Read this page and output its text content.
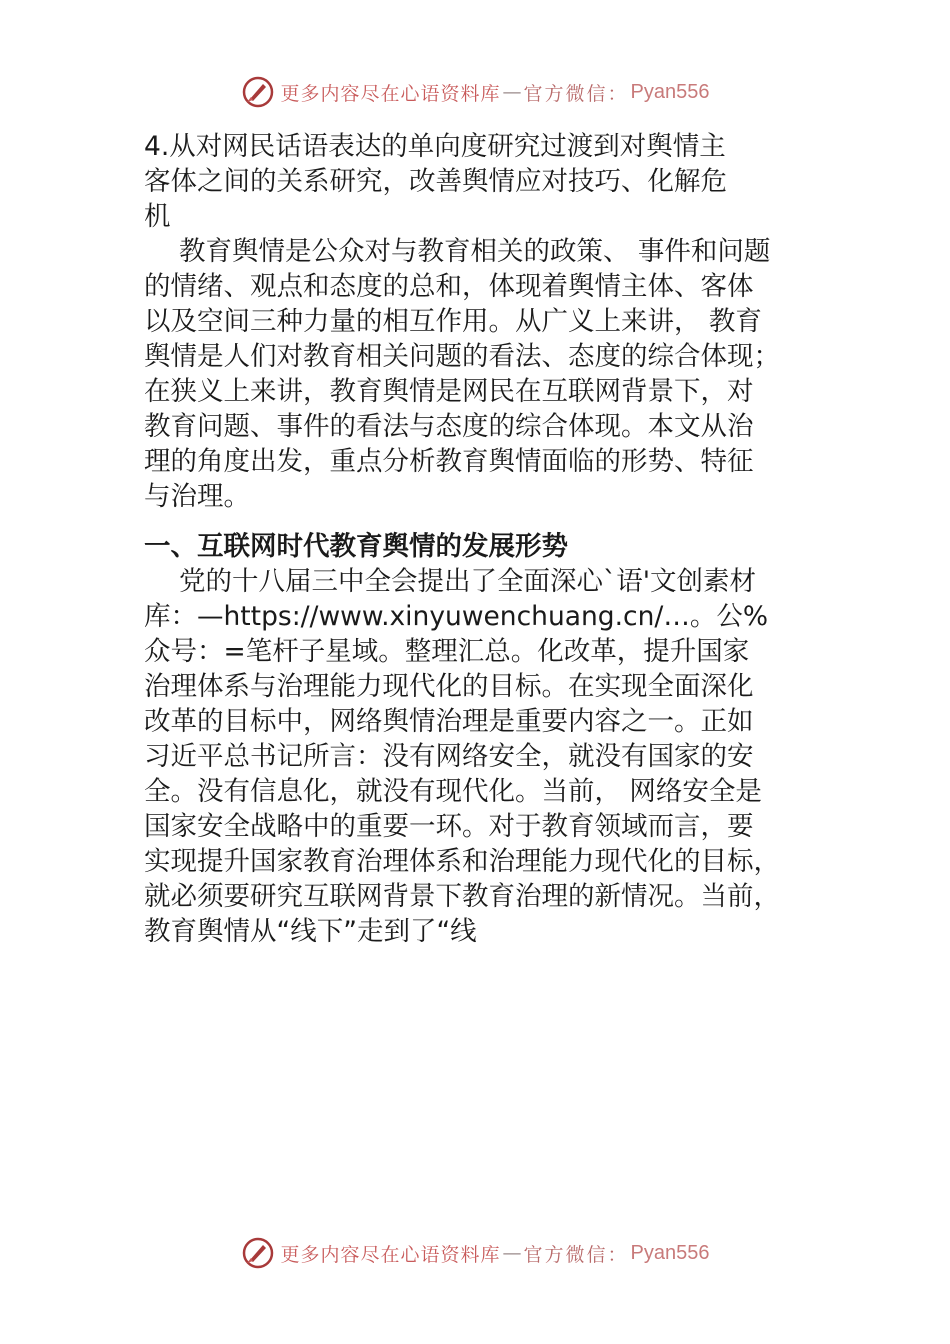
更多内容尽在心语资料库 — 官方微信： Pyan556
4.从对网民话语表达的单向度研究过渡到对舆情主
客体之间的关系研究，改善舆情应对技巧、化解危
机
教育舆情是公众对与教育相关的政策、 事件和问题
的情绪、观点和态度的总和，体现着舆情主体、客体
以及空间三种力量的相互作用。从广义上来讲， 教育
舆情是人们对教育相关问题的看法、态度的综合体现；
在狭义上来讲，教育舆情是网民在互联网背景下，对
教育问题、事件的看法与态度的综合体现。本文从治
理的角度出发，重点分析教育舆情面临的形势、特征
与治理。
一、互联网时代教育舆情的发展形势
党的十八届三中全会提出了全面深心`语'文创素材
库：—https://www.xinyuwenchuang.cn/…。公%
众号：=笔杆子星域。整理汇总。化改革，提升国家
治理体系与治理能力现代化的目标。在实现全面深化
改革的目标中，网络舆情治理是重要内容之一。正如
习近平总书记所言：没有网络安全，就没有国家的安
全。没有信息化，就没有现代化。当前， 网络安全是
国家安全战略中的重要一环。对于教育领域而言，要
实现提升国家教育治理体系和治理能力现代化的目标，
就必须要研究互联网背景下教育治理的新情况。当前，
教育舆情从“线下”走到了“线
更多内容尽在心语资料库 — 官方微信： Pyan556
